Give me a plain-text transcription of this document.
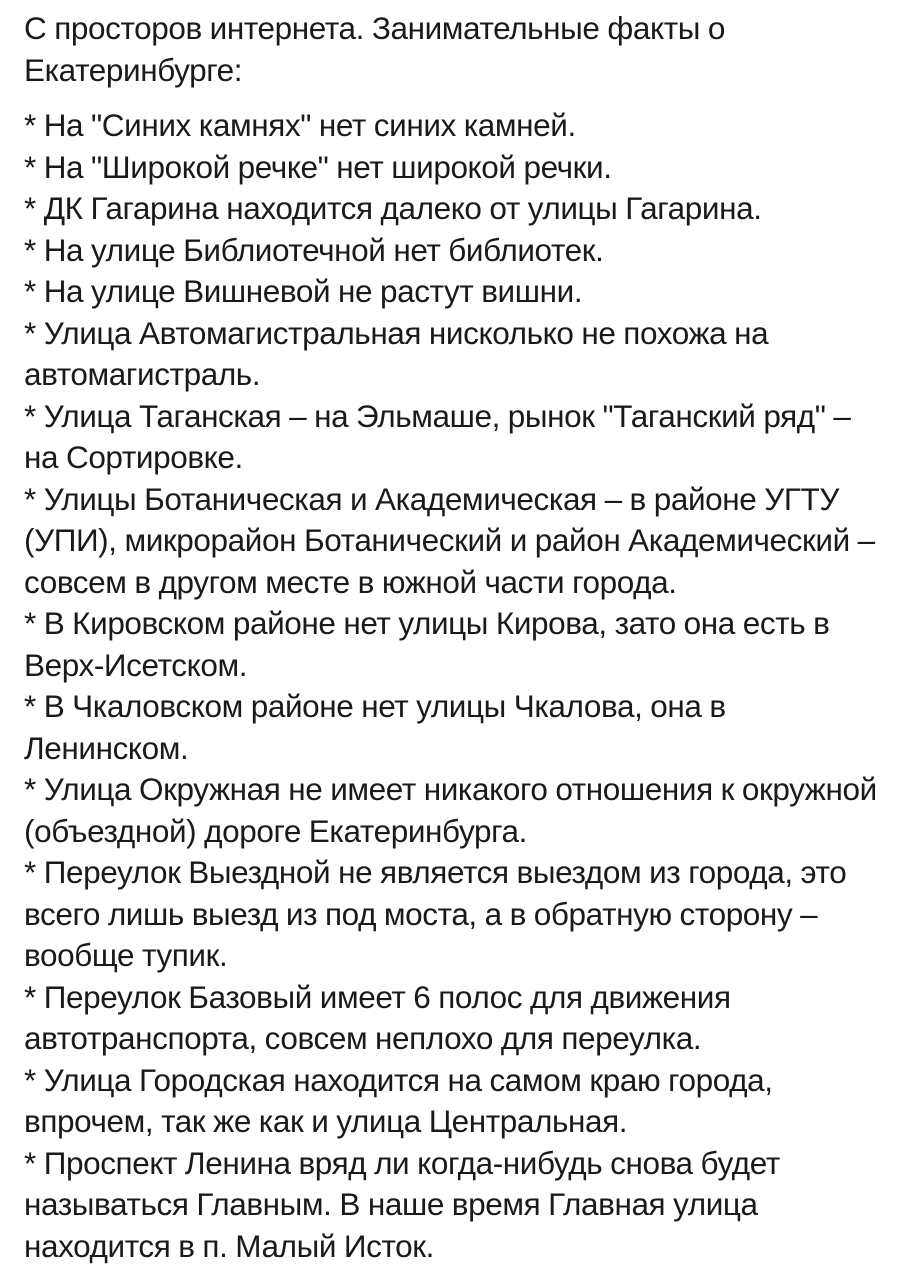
С просторов интернета. Занимательные факты о Екатеринбурге:

* На "Синих камнях" нет синих камней.
* На "Широкой речке" нет широкой речки.
* ДК Гагарина находится далеко от улицы Гагарина.
* На улице Библиотечной нет библиотек.
* На улице Вишневой не растут вишни.
* Улица Автомагистральная нисколько не похожа на автомагистраль.
* Улица Таганская – на Эльмаше, рынок "Таганский ряд" – на Сортировке.
* Улицы Ботаническая и Академическая – в районе УГТУ (УПИ), микрорайон Ботанический и район Академический – совсем в другом месте в южной части города.
* В Кировском районе нет улицы Кирова, зато она есть в Верх-Исетском.
* В Чкаловском районе нет улицы Чкалова, она в Ленинском.
* Улица Окружная не имеет никакого отношения к окружной (объездной) дороге Екатеринбурга.
* Переулок Выездной не является выездом из города, это всего лишь выезд из под моста, а в обратную сторону – вообще тупик.
* Переулок Базовый имеет 6 полос для движения автотранспорта, совсем неплохо для переулка.
* Улица Городская находится на самом краю города, впрочем, так же как и улица Центральная.
* Проспект Ленина вряд ли когда-нибудь снова будет называться Главным. В наше время Главная улица находится в п. Малый Исток.
